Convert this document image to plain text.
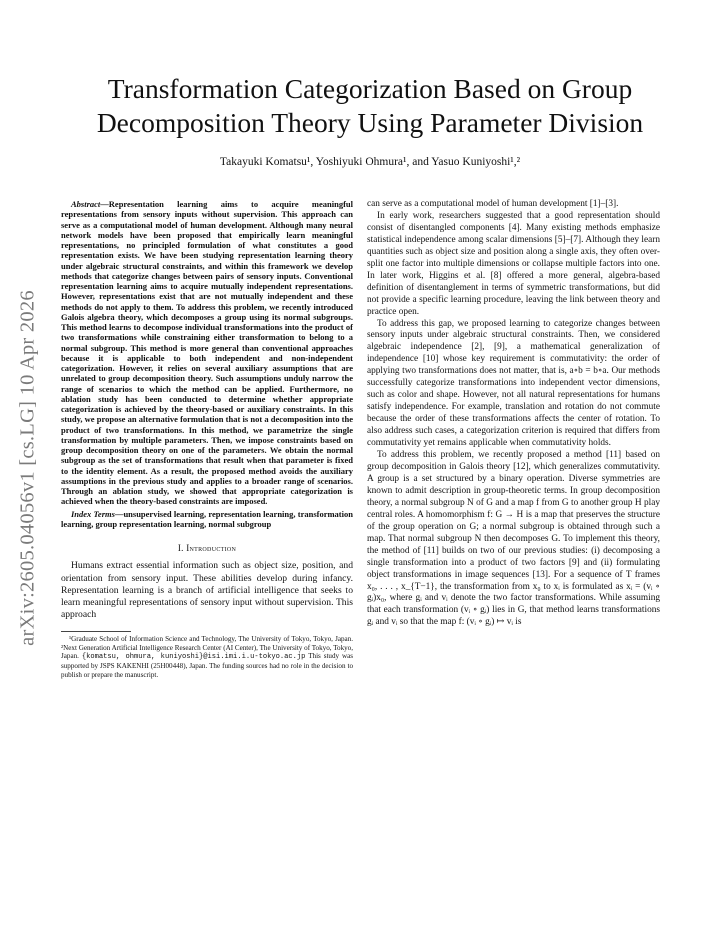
arXiv:2605.04056v1 [cs.LG] 10 Apr 2026
Transformation Categorization Based on Group
Decomposition Theory Using Parameter Division
Takayuki Komatsu¹, Yoshiyuki Ohmura¹, and Yasuo Kuniyoshi¹,²

Abstract—Representation learning aims to acquire meaningful representations from sensory inputs without supervision. This approach can serve as a computational model of human development. Although many neural network models have been proposed that empirically learn meaningful representations, no principled formulation of what constitutes a good representation exists. We have been studying representation learning theory under algebraic structural constraints, and within this framework we develop methods that categorize changes between pairs of sensory inputs. Conventional representation learning aims to acquire mutually independent representations. However, representations exist that are not mutually independent and these methods do not apply to them. To address this problem, we recently introduced Galois algebra theory, which decomposes a group using its normal subgroups. This method learns to decompose individual transformations into the product of two transformations while constraining either transformation to belong to a normal subgroup. This method is more general than conventional approaches because it is applicable to both independent and non-independent categorization. However, it relies on several auxiliary assumptions that are unrelated to group decomposition theory. Such assumptions unduly narrow the range of scenarios to which the method can be applied. Furthermore, no ablation study has been conducted to determine whether appropriate categorization is achieved by the theory-based or auxiliary constraints. In this study, we propose an alternative formulation that is not a decomposition into the product of two transformations. In this method, we parametrize the single transformation by multiple parameters. Then, we impose constraints based on group decomposition theory on one of the parameters. We obtain the normal subgroup as the set of transformations that result when that parameter is fixed to the identity element. As a result, the proposed method avoids the auxiliary assumptions in the previous study and applies to a broader range of scenarios. Through an ablation study, we showed that appropriate categorization is achieved when the theory-based constraints are imposed.

Index Terms—unsupervised learning, representation learning, transformation learning, group representation learning, normal subgroup

I. Introduction

Humans extract essential information such as object size, position, and orientation from sensory input. These abilities develop during infancy. Representation learning is a branch of artificial intelligence that seeks to learn meaningful representations of sensory input without supervision. This approach

¹Graduate School of Information Science and Technology, The University of Tokyo, Tokyo, Japan. ²Next Generation Artificial Intelligence Research Center (AI Center), The University of Tokyo, Tokyo, Japan. {komatsu, ohmura, kuniyoshi}@isi.imi.i.u-tokyo.ac.jp This study was supported by JSPS KAKENHI (25H00448), Japan. The funding sources had no role in the decision to publish or prepare the manuscript.

can serve as a computational model of human development [1]–[3].

In early work, researchers suggested that a good representation should consist of disentangled components [4]. Many existing methods emphasize statistical independence among scalar dimensions [5]–[7]. Although they learn quantities such as object size and position along a single axis, they often over-split one factor into multiple dimensions or collapse multiple factors into one. In later work, Higgins et al. [8] offered a more general, algebra-based definition of disentanglement in terms of symmetric transformations, but did not provide a specific learning procedure, leaving the link between theory and practice open.

To address this gap, we proposed learning to categorize changes between sensory inputs under algebraic structural constraints. Then, we considered algebraic independence [2], [9], a mathematical generalization of independence [10] whose key requirement is commutativity: the order of applying two transformations does not matter, that is, a∘b = b∘a. Our methods successfully categorize transformations into independent vector dimensions, such as color and shape. However, not all natural representations for humans satisfy independence. For example, translation and rotation do not commute because the order of these transformations affects the center of rotation. To also address such cases, a categorization criterion is required that differs from commutativity yet remains applicable when commutativity holds.

To address this problem, we recently proposed a method [11] based on group decomposition in Galois theory [12], which generalizes commutativity. A group is a set structured by a binary operation. Diverse symmetries are known to admit description in group-theoretic terms. In group decomposition theory, a normal subgroup N of G and a map f from G to another group H play central roles. A homomorphism f: G → H is a map that preserves the structure of the group operation on G; a normal subgroup is obtained through such a map. That normal subgroup N then decomposes G. To implement this theory, the method of [11] builds on two of our previous studies: (i) decomposing a single transformation into a product of two factors [9] and (ii) formulating object transformations in image sequences [13]. For a sequence of T frames x₀, . . . , x_{T−1}, the transformation from x₀ to xᵢ is formulated as xᵢ = (vᵢ ∘ gᵢ)x₀, where gᵢ and vᵢ denote the two factor transformations. While assuming that each transformation (vᵢ ∘ gᵢ) lies in G, that method learns transformations gᵢ and vᵢ so that the map f: (vᵢ ∘ gᵢ) ↦ vᵢ is
